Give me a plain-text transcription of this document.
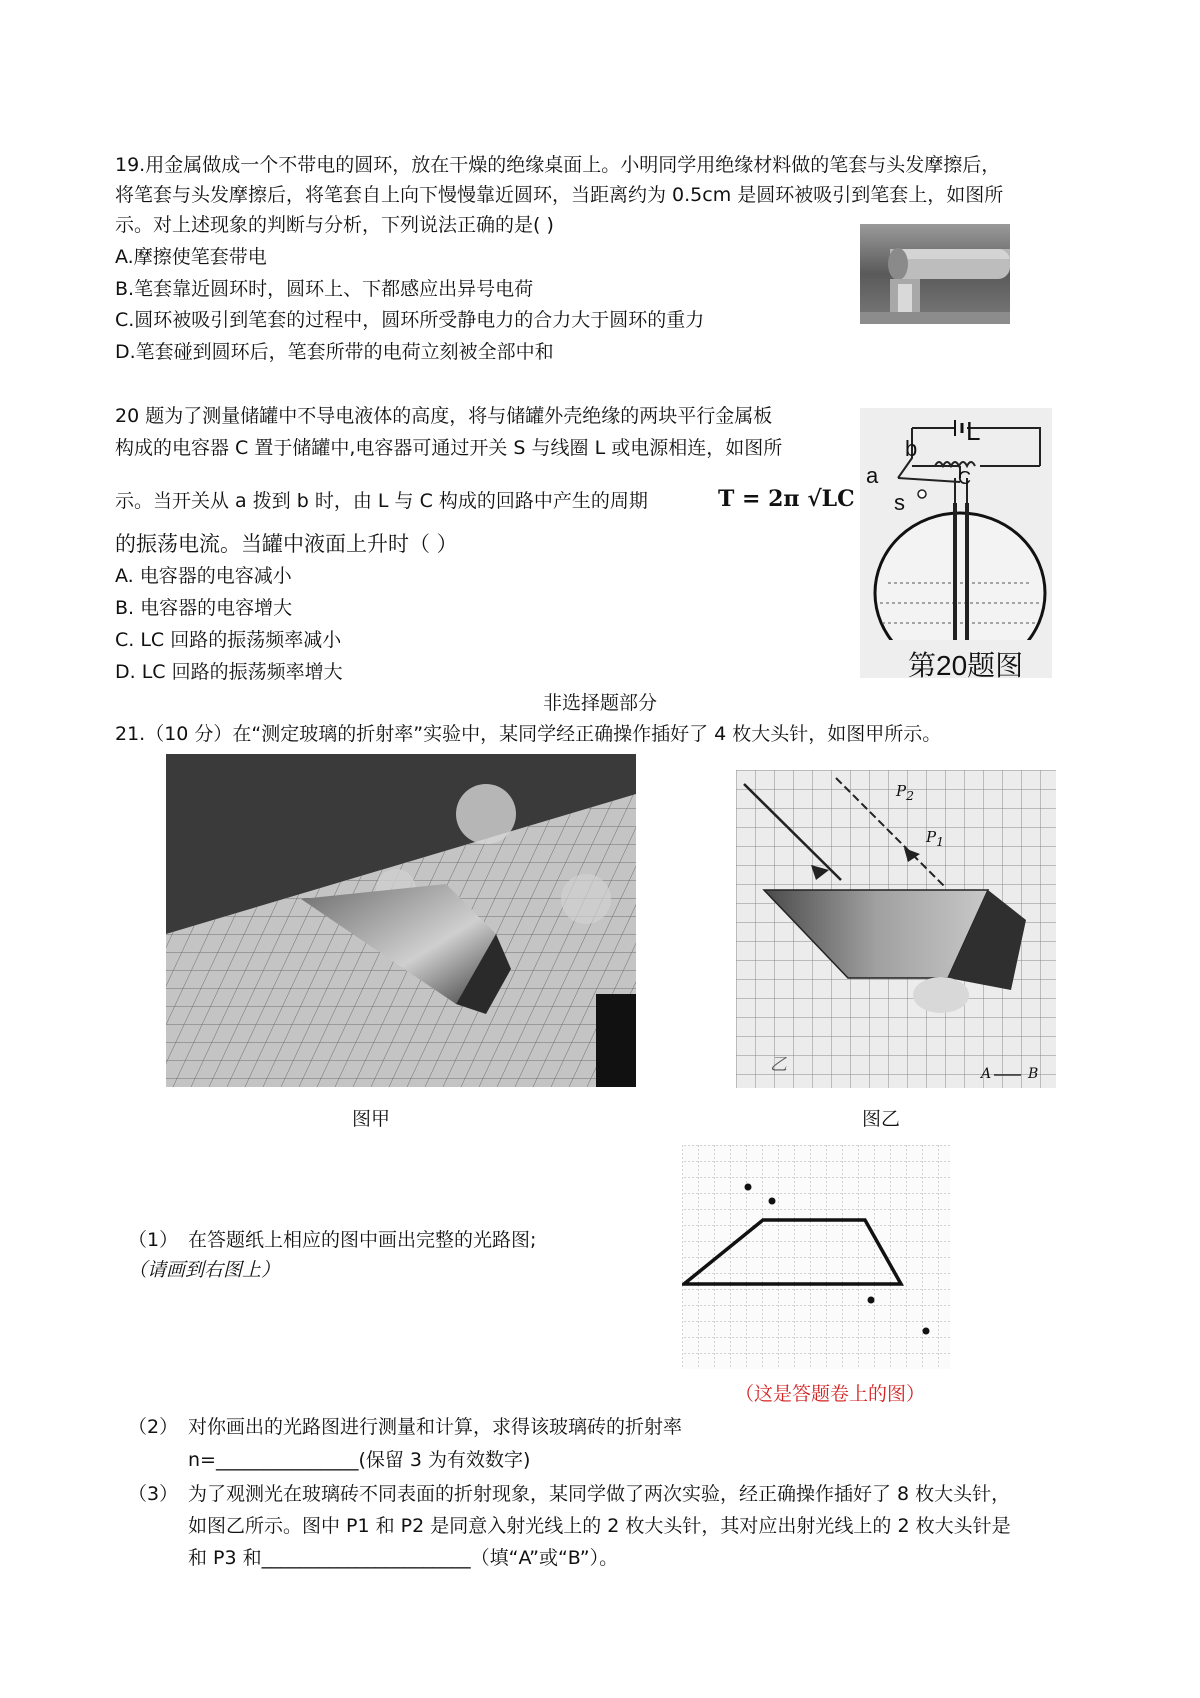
19.用金属做成一个不带电的圆环，放在干燥的绝缘桌面上。小明同学用绝缘材料做的笔套与头发摩擦后，
将笔套与头发摩擦后，将笔套自上向下慢慢靠近圆环，当距离约为 0.5cm 是圆环被吸引到笔套上，如图所
示。对上述现象的判断与分析，下列说法正确的是( )
A.摩擦使笔套带电
B.笔套靠近圆环时，圆环上、下都感应出异号电荷
C.圆环被吸引到笔套的过程中，圆环所受静电力的合力大于圆环的重力
D.笔套碰到圆环后，笔套所带的电荷立刻被全部中和
20 题为了测量储罐中不导电液体的高度，将与储罐外壳绝缘的两块平行金属板
构成的电容器 C 置于储罐中,电容器可通过开关 S 与线圈 L 或电源相连，如图所
示。当开关从 a 拨到 b 时，由 L 与 C 构成的回路中产生的周期	T = 2π √LC
的振荡电流。当罐中液面上升时（ ）
A. 电容器的电容减小
B. 电容器的电容增大
C. LC 回路的振荡频率减小
D. LC 回路的振荡频率增大
L
b
a
s
C
第20题图
非选择题部分
21.（10 分）在“测定玻璃的折射率”实验中，某同学经正确操作插好了 4 枚大头针，如图甲所示。
图甲
$P_2$
$P_1$
乙	A	B
图乙
（1） 在答题纸上相应的图中画出完整的光路图;
（请画到右图上）
（这是答题卷上的图）
（2） 对你画出的光路图进行测量和计算，求得该玻璃砖的折射率
n=_______________(保留 3 为有效数字)
（3） 为了观测光在玻璃砖不同表面的折射现象，某同学做了两次实验，经正确操作插好了 8 枚大头针，
如图乙所示。图中 P1 和 P2 是同意入射光线上的 2 枚大头针，其对应出射光线上的 2 枚大头针是
和 P3 和______________________（填“A”或“B”）。
